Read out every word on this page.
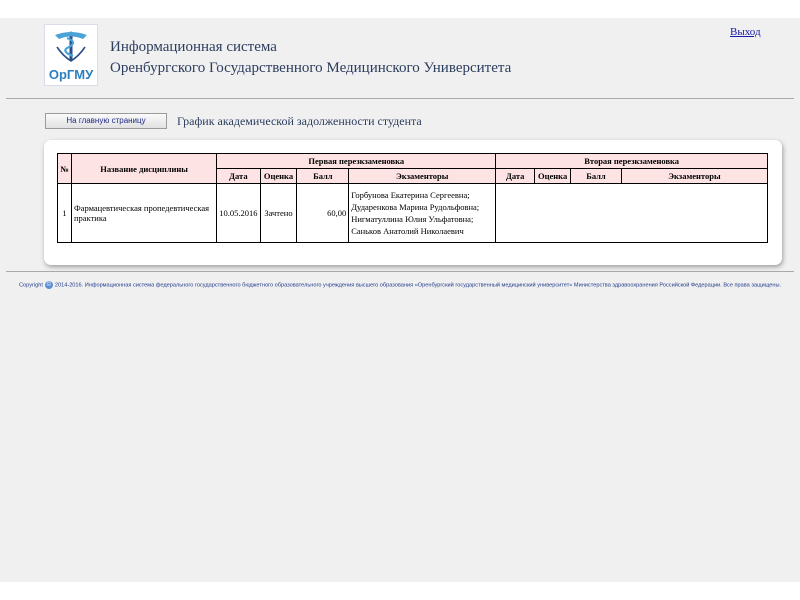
ОрГМУ
Информационная система
Оренбургского Государственного Медицинского Университета
Выход
На главную страницу	График академической задолженности студента
№	Название дисциплины	Первая перезкзаменовка				Вторая перезкзаменовка			
		Дата	Оценка	Балл	Экзаменторы	Дата	Оценка	Балл	Экзаменторы
1	Фармацевтическая пропедевтическая практика	10.05.2016	Зачтено	60,00	Горбунова Екатерина Сергеевна;
Дударенкова Марина Рудольфовна;
Нигматуллина Юлия Ульфатовна;
Саньков Анатолий Николаевич				

Copyright © 2014-2016. Информационная система федерального государственного бюджетного образовательного учреждения высшего образования «Оренбургский государственный медицинский университет» Министерства здравоохранения Российской Федерации. Все права защищены.
